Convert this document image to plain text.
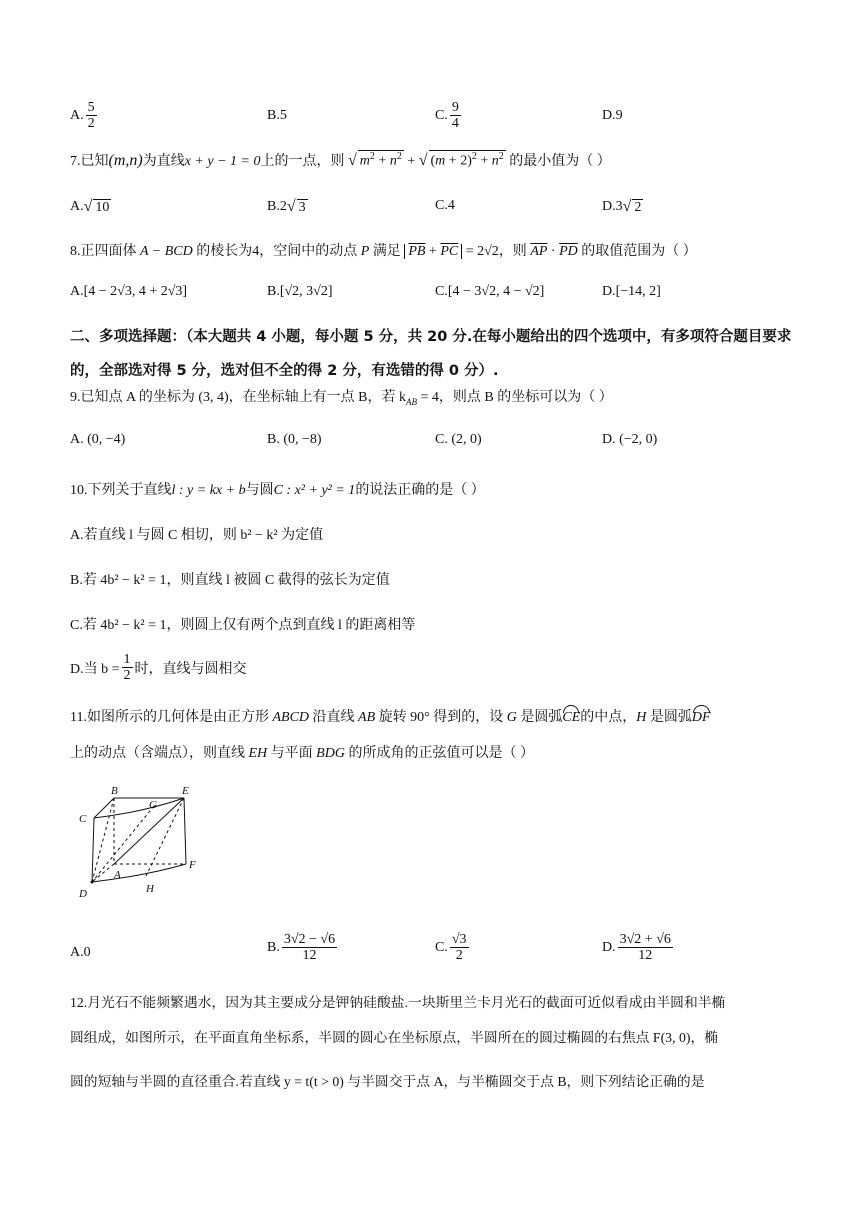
A. $\frac{5}{2}$	B.5	C. $\frac{9}{4}$	D.9
7.已知(m,n)为直线x + y − 1 = 0上的一点，则 √ $m^2 + n^2$ + √ $(m + 2)^2 + n^2$ 的最小值为（ ）
A. √ 10	B.2 √ 3	C.4	D.3 √ 2
8.正四面体 A − BCD 的棱长为4，空间中的动点 P 满足 $\overline{PB} + \overline{PC} = 2√2$，则 $\overline{AP} \cdot \overline{PD}$ 的取值范围为（ ）
A.[4 − 2√3, 4 + 2√3]	B.[√2, 3√2]	C.[4 − 3√2, 4 − √2]	D.[−14, 2]
二、多项选择题：（本大题共 4 小题，每小题 5 分，共 20 分.在每小题给出的四个选项中，有多项符合题目要求的，全部选对得 5 分，选对但不全的得 2 分，有选错的得 0 分）.
9.已知点 A 的坐标为 (3, 4)，在坐标轴上有一点 B，若 $k_{AB} = 4$，则点 B 的坐标可以为（ ）
A. (0, −4)	B. (0, −8)	C. (2, 0)	D. (−2, 0)
10.下列关于直线l : y = kx + b与圆C : x² + y² = 1的说法正确的是（ ）
A.若直线 l 与圆 C 相切，则 b² − k² 为定值
B.若 4b² − k² = 1，则直线 l 被圆 C 截得的弦长为定值
C.若 4b² − k² = 1，则圆上仅有两个点到直线 l 的距离相等
D.当 $b = \frac{1}{2}$ 时，直线与圆相交
11.如图所示的几何体是由正方形 ABCD 沿直线 AB 旋转 90° 得到的，设 G 是圆弧CE的中点，H 是圆弧DF
上的动点（含端点），则直线 EH 与平面 BDG 的所成角的正弦值可以是（ ）
B
G
E
C
A
F
D	H
A.0	B. $\frac{3√2 - √6}{12}$	C. $\frac{√3}{2}$	D. $\frac{3√2 + √6}{12}$
12.月光石不能频繁遇水，因为其主要成分是钾钠硅酸盐.一块斯里兰卡月光石的截面可近似看成由半圆和半椭
圆组成，如图所示，在平面直角坐标系，半圆的圆心在坐标原点，半圆所在的圆过椭圆的右焦点 F(3, 0)，椭
圆的短轴与半圆的直径重合.若直线 y = t(t > 0) 与半圆交于点 A，与半椭圆交于点 B，则下列结论正确的是
